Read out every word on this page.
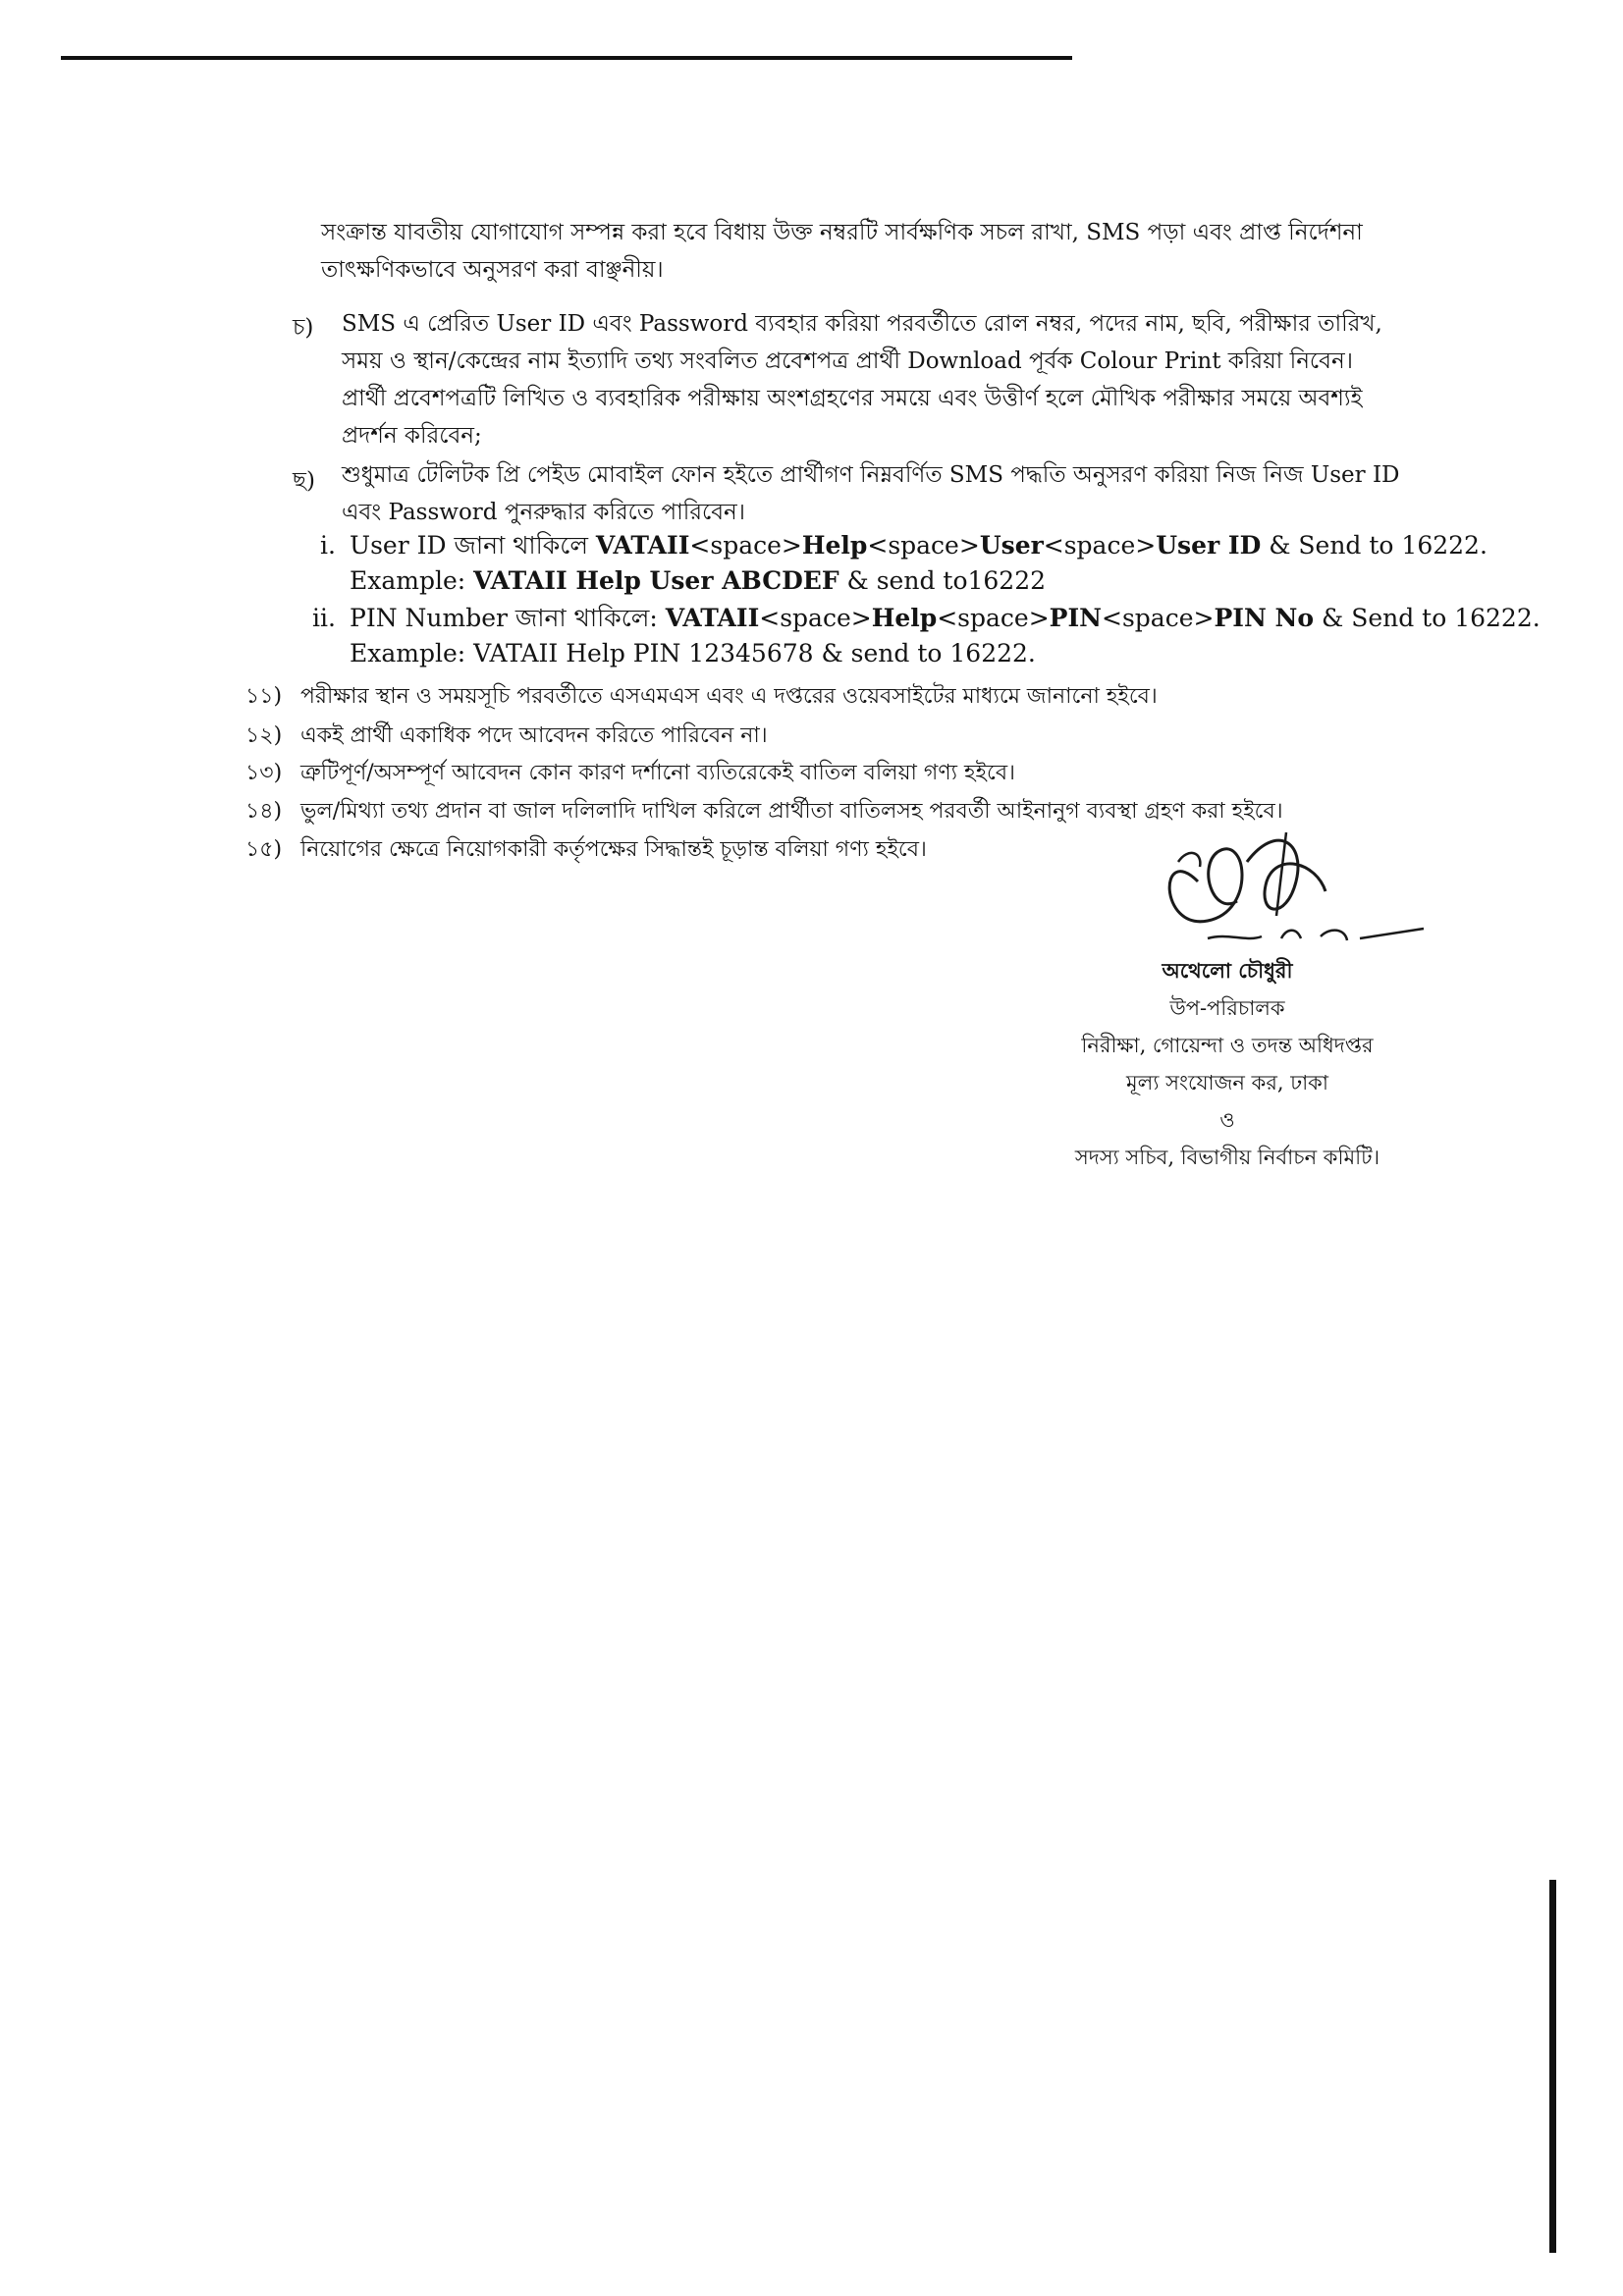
সংক্রান্ত যাবতীয় যোগাযোগ সম্পন্ন করা হবে বিধায় উক্ত নম্বরটি সার্বক্ষণিক সচল রাখা, SMS পড়া এবং প্রাপ্ত নির্দেশনা
তাৎক্ষণিকভাবে অনুসরণ করা বাঞ্ছনীয়।
চ) SMS এ প্রেরিত User ID এবং Password ব্যবহার করিয়া পরবর্তীতে রোল নম্বর, পদের নাম, ছবি, পরীক্ষার তারিখ,
সময় ও স্থান/কেন্দ্রের নাম ইত্যাদি তথ্য সংবলিত প্রবেশপত্র প্রার্থী Download পূর্বক Colour Print করিয়া নিবেন।
প্রার্থী প্রবেশপত্রটি লিখিত ও ব্যবহারিক পরীক্ষায় অংশগ্রহণের সময়ে এবং উত্তীর্ণ হলে মৌখিক পরীক্ষার সময়ে অবশ্যই
প্রদর্শন করিবেন;
ছ) শুধুমাত্র টেলিটক প্রি পেইড মোবাইল ফোন হইতে প্রার্থীগণ নিম্নবর্ণিত SMS পদ্ধতি অনুসরণ করিয়া নিজ নিজ User ID
এবং Password পুনরুদ্ধার করিতে পারিবেন।
i. User ID জানা থাকিলে VATAII<space>Help<space>User<space>User ID & Send to 16222.
Example: VATAII Help User ABCDEF & send to16222
ii. PIN Number জানা থাকিলে: VATAII<space>Help<space>PIN<space>PIN No & Send to 16222.
Example: VATAII Help PIN 12345678 & send to 16222.
১১) পরীক্ষার স্থান ও সময়সূচি পরবর্তীতে এসএমএস এবং এ দপ্তরের ওয়েবসাইটের মাধ্যমে জানানো হইবে।
১২) একই প্রার্থী একাধিক পদে আবেদন করিতে পারিবেন না।
১৩) ত্রুটিপূর্ণ/অসম্পূর্ণ আবেদন কোন কারণ দর্শানো ব্যতিরেকেই বাতিল বলিয়া গণ্য হইবে।
১৪) ভুল/মিথ্যা তথ্য প্রদান বা জাল দলিলাদি দাখিল করিলে প্রার্থীতা বাতিলসহ পরবর্তী আইনানুগ ব্যবস্থা গ্রহণ করা হইবে।
১৫) নিয়োগের ক্ষেত্রে নিয়োগকারী কর্তৃপক্ষের সিদ্ধান্তই চূড়ান্ত বলিয়া গণ্য হইবে।
অথেলো চৌধুরী
উপ-পরিচালক
নিরীক্ষা, গোয়েন্দা ও তদন্ত অধিদপ্তর
মূল্য সংযোজন কর, ঢাকা
ও
সদস্য সচিব, বিভাগীয় নির্বাচন কমিটি।
